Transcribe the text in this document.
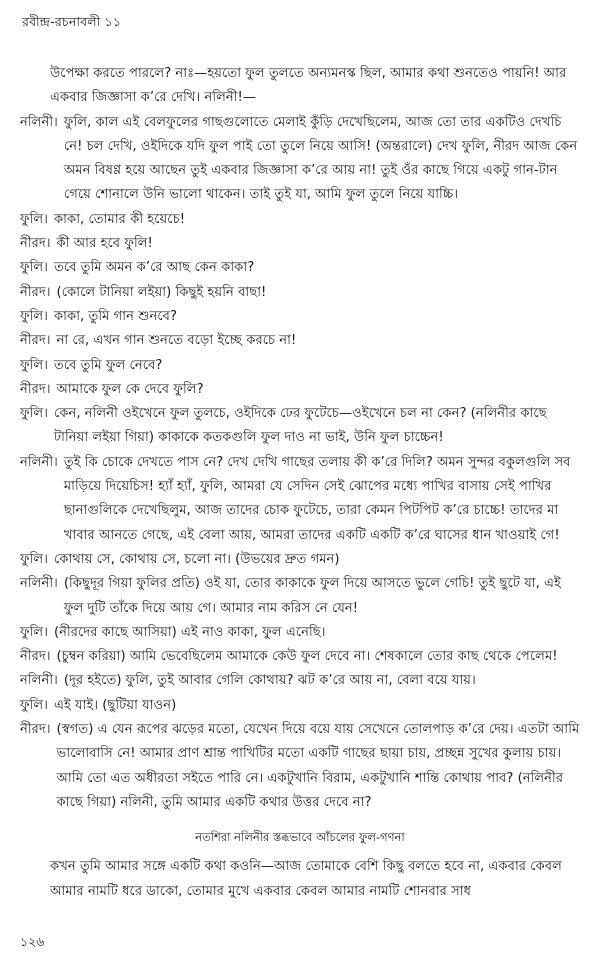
রবীন্দ্র-রচনাবলী ১১

উপেক্ষা করতে পারলে? নাঃ—হয়তো ফুল তুলতে অন্যমনস্ক ছিল, আমার কথা শুনতেও পায়নি! আর একবার জিজ্ঞাসা ক’রে দেখি। নলিনী!—

নলিনী। ফুলি, কাল এই বেলফুলের গাছগুলোতে মেলাই কুঁড়ি দেখেছিলেম, আজ তো তার একটিও দেখচি নে! চল দেখি, ওইদিকে যদি ফুল পাই তো তুলে নিয়ে আসি! (অন্তরালে) দেখ ফুলি, নীরদ আজ কেন অমন বিষণ্ণ হয়ে আছেন তুই একবার জিজ্ঞাসা ক’রে আয় না! তুই ওঁর কাছে গিয়ে একটু গান-টান গেয়ে শোনালে উনি ভালো থাকেন। তাই তুই যা, আমি ফুল তুলে নিয়ে যাচ্চি।
ফুলি। কাকা, তোমার কী হয়েচে!
নীরদ। কী আর হবে ফুলি!
ফুলি। তবে তুমি অমন ক’রে আছ কেন কাকা?
নীরদ। (কোলে টানিয়া লইয়া) কিছুই হয়নি বাছা!
ফুলি। কাকা, তুমি গান শুনবে?
নীরদ। না রে, এখন গান শুনতে বড়ো ইচ্ছে করচে না!
ফুলি। তবে তুমি ফুল নেবে?
নীরদ। আমাকে ফুল কে দেবে ফুলি?
ফুলি। কেন, নলিনী ওইখেনে ফুল তুলচে, ওইদিকে ঢের ফুটেচে—ওইখেনে চল না কেন? (নলিনীর কাছে টানিয়া লইয়া গিয়া) কাকাকে কতকগুলি ফুল দাও না ভাই, উনি ফুল চাচ্চেন!
নলিনী। তুই কি চোকে দেখতে পাস নে? দেখ দেখি গাছের তলায় কী ক’রে দিলি? অমন সুন্দর বকুলগুলি সব মাড়িয়ে দিয়েচিস! হ্যাঁ হ্যাঁ, ফুলি, আমরা যে সেদিন সেই ঝোপের মধ্যে পাখির বাসায় সেই পাখির ছানাগুলিকে দেখেছিলুম, আজ তাদের চোক ফুটেচে, তারা কেমন পিটপিট ক’রে চাচ্চে! তাদের মা খাবার আনতে গেছে, এই বেলা আয়, আমরা তাদের একটি একটি ক’রে ঘাসের ধান খাওয়াই গে!
ফুলি। কোথায় সে, কোথায় সে, চলো না। (উভয়ের দ্রুত গমন)
নলিনী। (কিছুদূর গিয়া ফুলির প্রতি) ওই যা, তোর কাকাকে ফুল দিয়ে আসতে ভুলে গেচি! তুই ছুটে যা, এই ফুল দুটি তাঁকে দিয়ে আয় গে। আমার নাম করিস নে যেন!
ফুলি। (নীরদের কাছে আসিয়া) এই নাও কাকা, ফুল এনেছি।
নীরদ। (চুম্বন করিয়া) আমি ভেবেছিলেম আমাকে কেউ ফুল দেবে না। শেষকালে তোর কাছ থেকে পেলেম!
নলিনী। (দূর হইতে) ফুলি, তুই আবার গেলি কোথায়? ঝট ক’রে আয় না, বেলা বয়ে যায়।
ফুলি। এই যাই। (ছুটিয়া যাওন)
নীরদ। (স্বগত) এ যেন রূপের ঝড়ের মতো, যেখেন দিয়ে বয়ে যায় সেখেনে তোলপাড় ক’রে দেয়। এতটা আমি ভালোবাসি নে! আমার প্রাণ শ্রান্ত পাখিটির মতো একটি গাছের ছায়া চায়, প্রচ্ছন্ন সুখের কুলায় চায়। আমি তো এত অধীরতা সইতে পারি নে। একটুখানি বিরাম, একটুখানি শান্তি কোথায় পাব? (নলিনীর কাছে গিয়া) নলিনী, তুমি আমার একটি কথার উত্তর দেবে না?
নতশিরা নলিনীর স্তব্ধভাবে আঁচলের ফুল-গণনা

কখন তুমি আমার সঙ্গে একটি কথা কওনি—আজ তোমাকে বেশি কিছু বলতে হবে না, একবার কেবল আমার নামটি ধরে ডাকো, তোমার মুখে একবার কেবল আমার নামটি শোনবার সাধ

১২৬
